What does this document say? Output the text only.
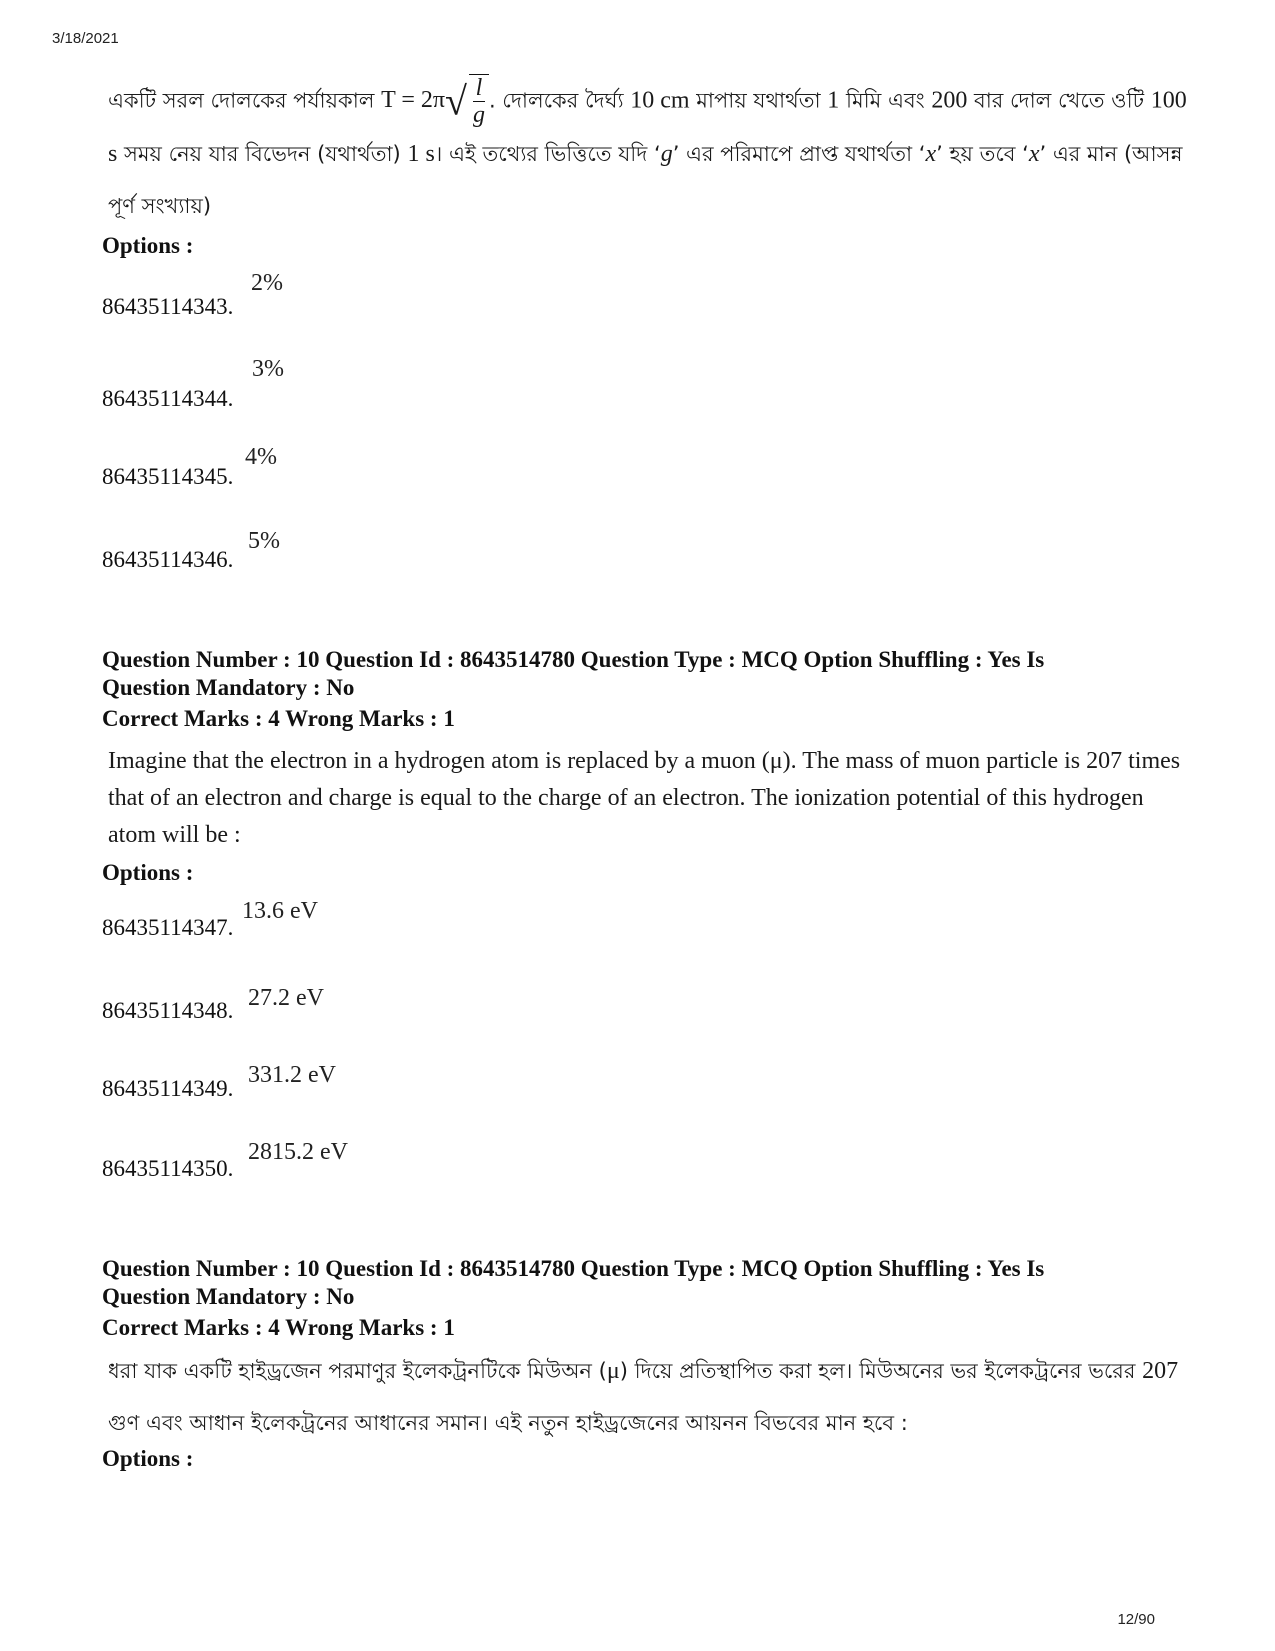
3/18/2021
একটি সরল দোলকের পর্যায়কাল $T = 2\pi√ \frac{l}{g}$. দোলকের দৈর্ঘ্য 10 cm মাপায় যথার্থতা 1 মিমি এবং 200 বার দোল খেতে ওটি 100 s সময় নেয় যার বিভেদন (যথার্থতা) 1 s। এই তথ্যের ভিত্তিতে যদি ‘g’ এর পরিমাপে প্রাপ্ত যথার্থতা ‘x’ হয় তবে ‘x’ এর মান (আসন্ন পূর্ণ সংখ্যায়)
Options :
86435114343.
2%
86435114344.
3%
86435114345.
4%
86435114346.
5%
Question Number : 10 Question Id : 8643514780 Question Type : MCQ Option Shuffling : Yes Is
Question Mandatory : No
Correct Marks : 4 Wrong Marks : 1
Imagine that the electron in a hydrogen atom is replaced by a muon (μ). The mass of muon particle is 207 times that of an electron and charge is equal to the charge of an electron. The ionization potential of this hydrogen atom will be :
Options :
86435114347.
13.6 eV
86435114348. 27.2 eV
86435114349.
331.2 eV
86435114350.
2815.2 eV
Question Number : 10 Question Id : 8643514780 Question Type : MCQ Option Shuffling : Yes Is
Question Mandatory : No
Correct Marks : 4 Wrong Marks : 1
ধরা যাক একটি হাইড্রজেন পরমাণুর ইলেকট্রনটিকে মিউঅন (μ) দিয়ে প্রতিস্থাপিত করা হল। মিউঅনের ভর ইলেকট্রনের ভরের 207 গুণ এবং আধান ইলেকট্রনের আধানের সমান। এই নতুন হাইড্রজেনের আয়নন বিভবের মান হবে :
Options :
12/90
